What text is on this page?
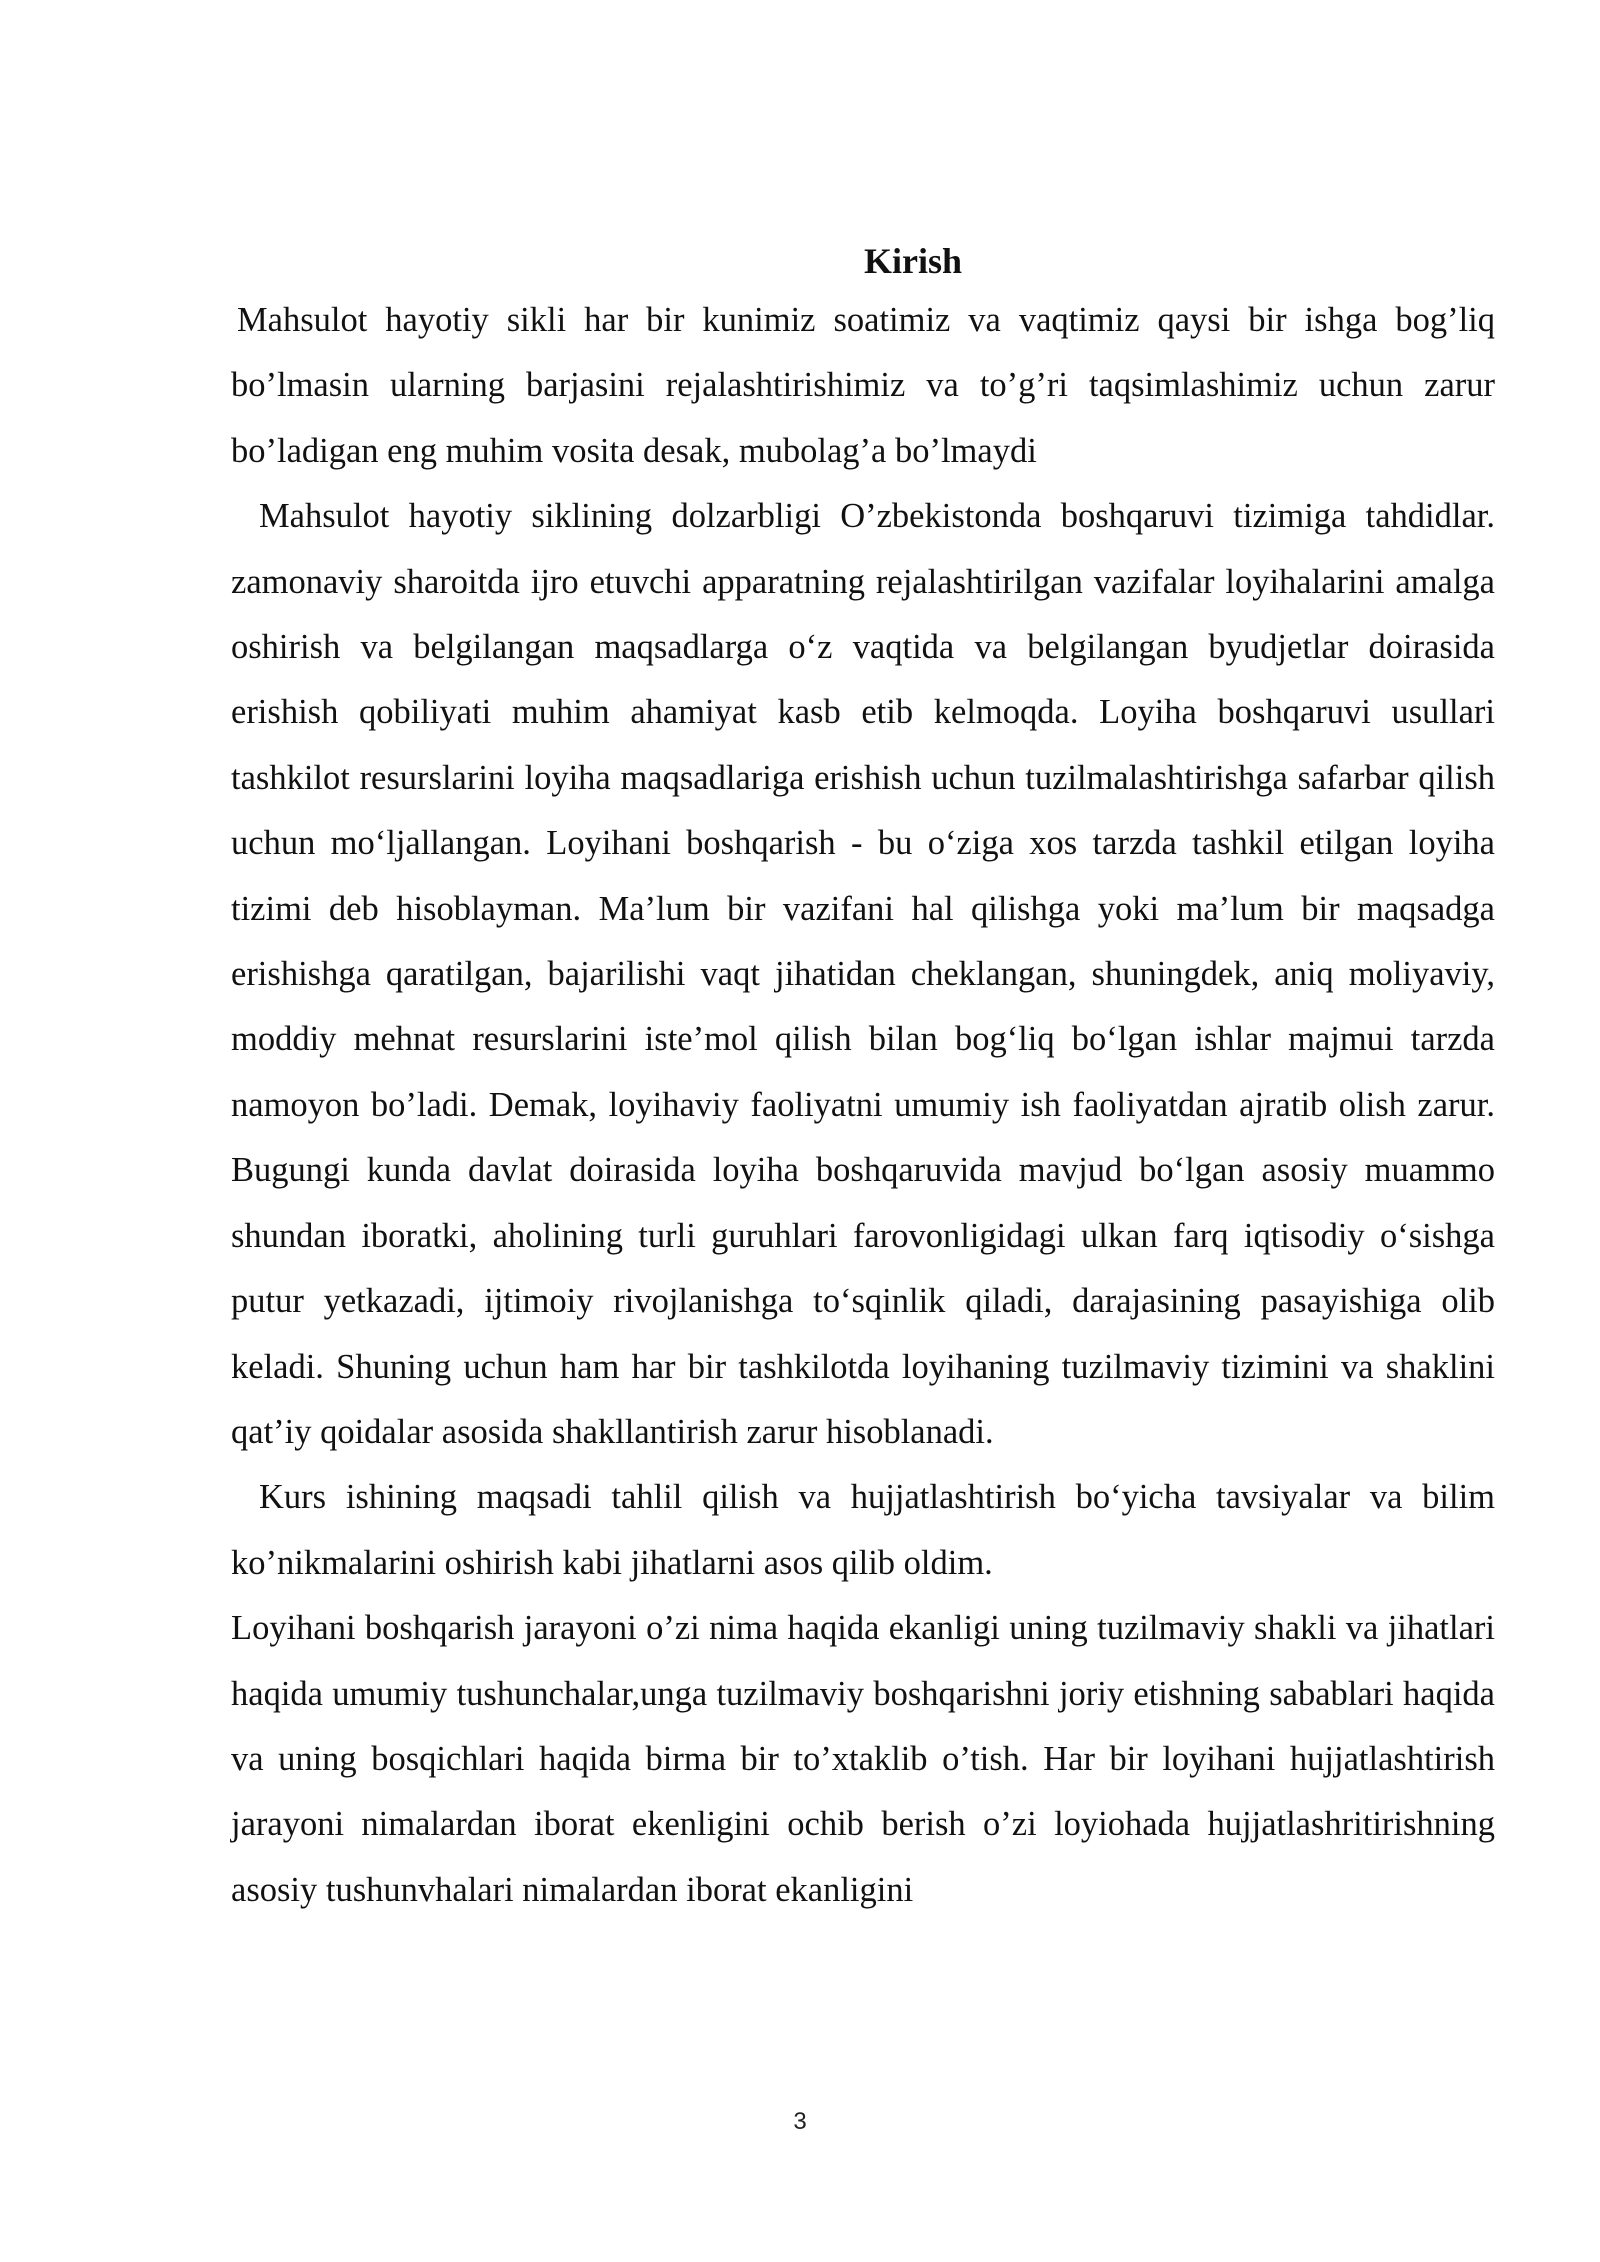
Kirish

Mahsulot hayotiy sikli har bir kunimiz soatimiz va vaqtimiz qaysi bir ishga bog’liq bo’lmasin ularning barjasini rejalashtirishimiz va to’g’ri taqsimlashimiz uchun zarur bo’ladigan eng muhim vosita desak, mubolag’a bo’lmaydi

Mahsulot hayotiy siklining dolzarbligi O’zbekistonda boshqaruvi tizimiga tahdidlar. zamonaviy sharoitda ijro etuvchi apparatning rejalashtirilgan vazifalar loyihalarini amalga oshirish va belgilangan maqsadlarga o‘z vaqtida va belgilangan byudjetlar doirasida erishish qobiliyati muhim ahamiyat kasb etib kelmoqda. Loyiha boshqaruvi usullari tashkilot resurslarini loyiha maqsadlariga erishish uchun tuzilmalashtirishga safarbar qilish uchun mo‘ljallangan. Loyihani boshqarish - bu o‘ziga xos tarzda tashkil etilgan loyiha tizimi deb hisoblayman. Ma’lum bir vazifani hal qilishga yoki ma’lum bir maqsadga erishishga qaratilgan, bajarilishi vaqt jihatidan cheklangan, shuningdek, aniq moliyaviy, moddiy mehnat resurslarini iste’mol qilish bilan bog‘liq bo‘lgan ishlar majmui tarzda namoyon bo’ladi. Demak, loyihaviy faoliyatni umumiy ish faoliyatdan ajratib olish zarur. Bugungi kunda davlat doirasida loyiha boshqaruvida mavjud bo‘lgan asosiy muammo shundan iboratki, aholining turli guruhlari farovonligidagi ulkan farq iqtisodiy o‘sishga putur yetkazadi, ijtimoiy rivojlanishga to‘sqinlik qiladi, darajasining pasayishiga olib keladi. Shuning uchun ham har bir tashkilotda loyihaning tuzilmaviy tizimini va shaklini qat’iy qoidalar asosida shakllantirish zarur hisoblanadi.

Kurs ishining maqsadi tahlil qilish va hujjatlashtirish bo‘yicha tavsiyalar va bilim ko’nikmalarini oshirish kabi jihatlarni asos qilib oldim.

Loyihani boshqarish jarayoni o’zi nima haqida ekanligi uning tuzilmaviy shakli va jihatlari haqida umumiy tushunchalar,unga tuzilmaviy boshqarishni joriy etishning sabablari haqida va uning bosqichlari haqida birma bir to’xtaklib o’tish. Har bir loyihani hujjatlashtirish jarayoni nimalardan iborat ekenligini ochib berish o’zi loyiohada hujjatlashritirishning asosiy tushunvhalari nimalardan iborat ekanligini

3
